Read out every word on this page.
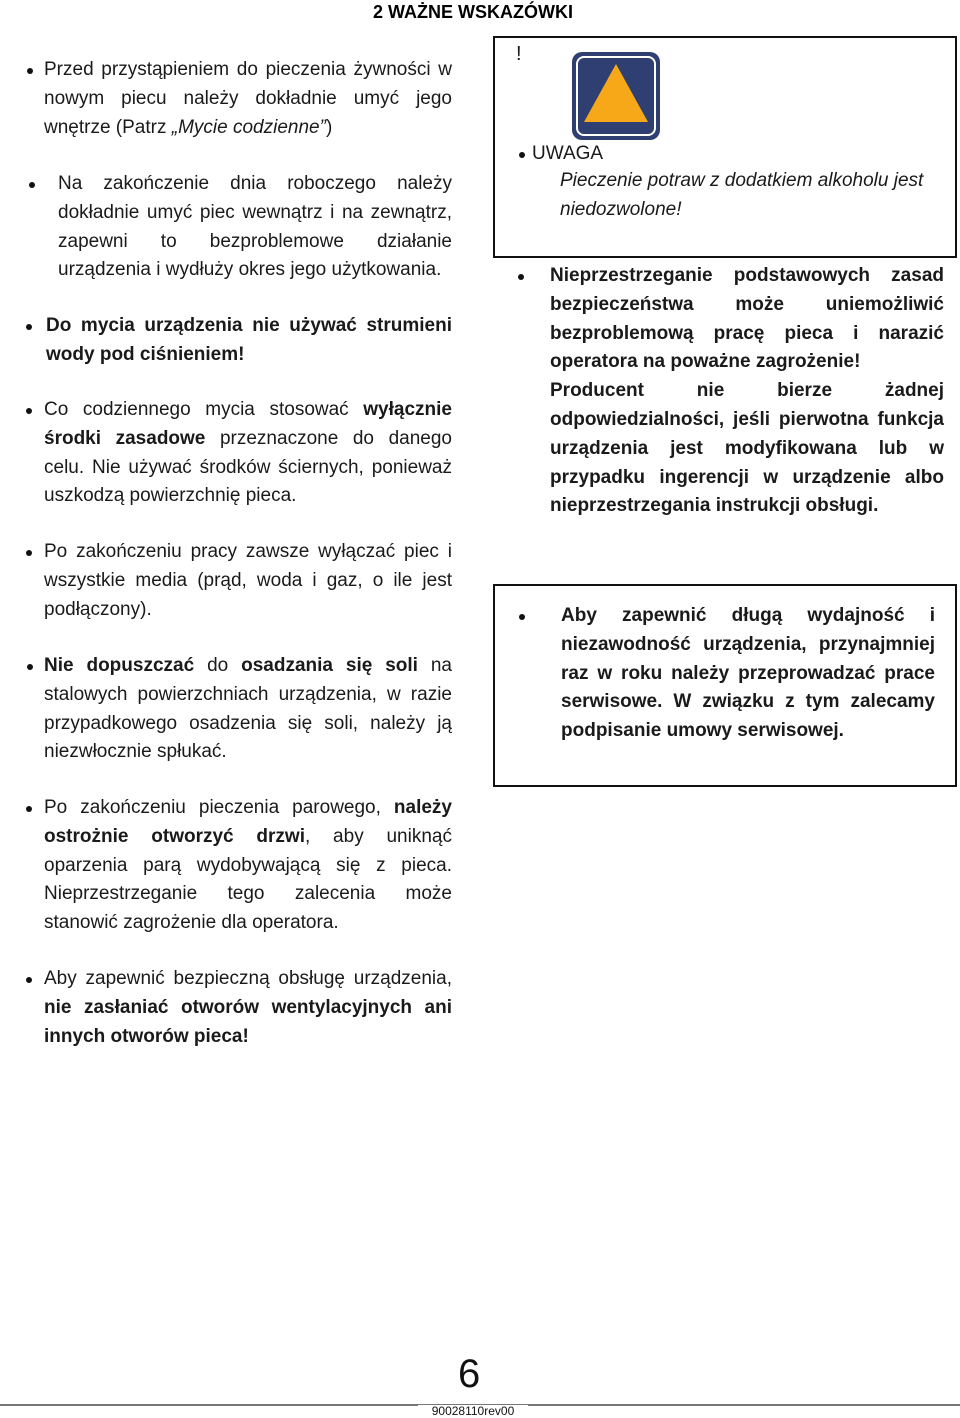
2 WAŻNE WSKAZÓWKI

Przed przystąpieniem do pieczenia żywności w nowym piecu należy dokładnie umyć jego wnętrze (Patrz „Mycie codzienne”)

Na zakończenie dnia roboczego należy dokładnie umyć piec wewnątrz i na zewnątrz, zapewni to bezproblemowe działanie urządzenia i wydłuży okres jego użytkowania.

Do mycia urządzenia nie używać strumieni wody pod ciśnieniem!

Co codziennego mycia stosować wyłącznie środki zasadowe przeznaczone do danego celu. Nie używać środków ściernych, ponieważ uszkodzą powierzchnię pieca.

Po zakończeniu pracy zawsze wyłączać piec i wszystkie media (prąd, woda i gaz, o ile jest podłączony).

Nie dopuszczać do osadzania się soli na stalowych powierzchniach urządzenia, w razie przypadkowego osadzenia się soli, należy ją niezwłocznie spłukać.

Po zakończeniu pieczenia parowego, należy ostrożnie otworzyć drzwi, aby uniknąć oparzenia parą wydobywającą się z pieca. Nieprzestrzeganie tego zalecenia może stanowić zagrożenie dla operatora.

Aby zapewnić bezpieczną obsługę urządzenia, nie zasłaniać otworów wentylacyjnych ani innych otworów pieca!

!
UWAGA
Pieczenie potraw z dodatkiem alkoholu jest niedozwolone!

Nieprzestrzeganie podstawowych zasad bezpieczeństwa może uniemożliwić bezproblemową pracę pieca i narazić operatora na poważne zagrożenie!

Producent nie bierze żadnej odpowiedzialności, jeśli pierwotna funkcja urządzenia jest modyfikowana lub w przypadku ingerencji w urządzenie albo nieprzestrzegania instrukcji obsługi.

Aby zapewnić długą wydajność i niezawodność urządzenia, przynajmniej raz w roku należy przeprowadzać prace serwisowe. W związku z tym zalecamy podpisanie umowy serwisowej.

6
90028110rev00
